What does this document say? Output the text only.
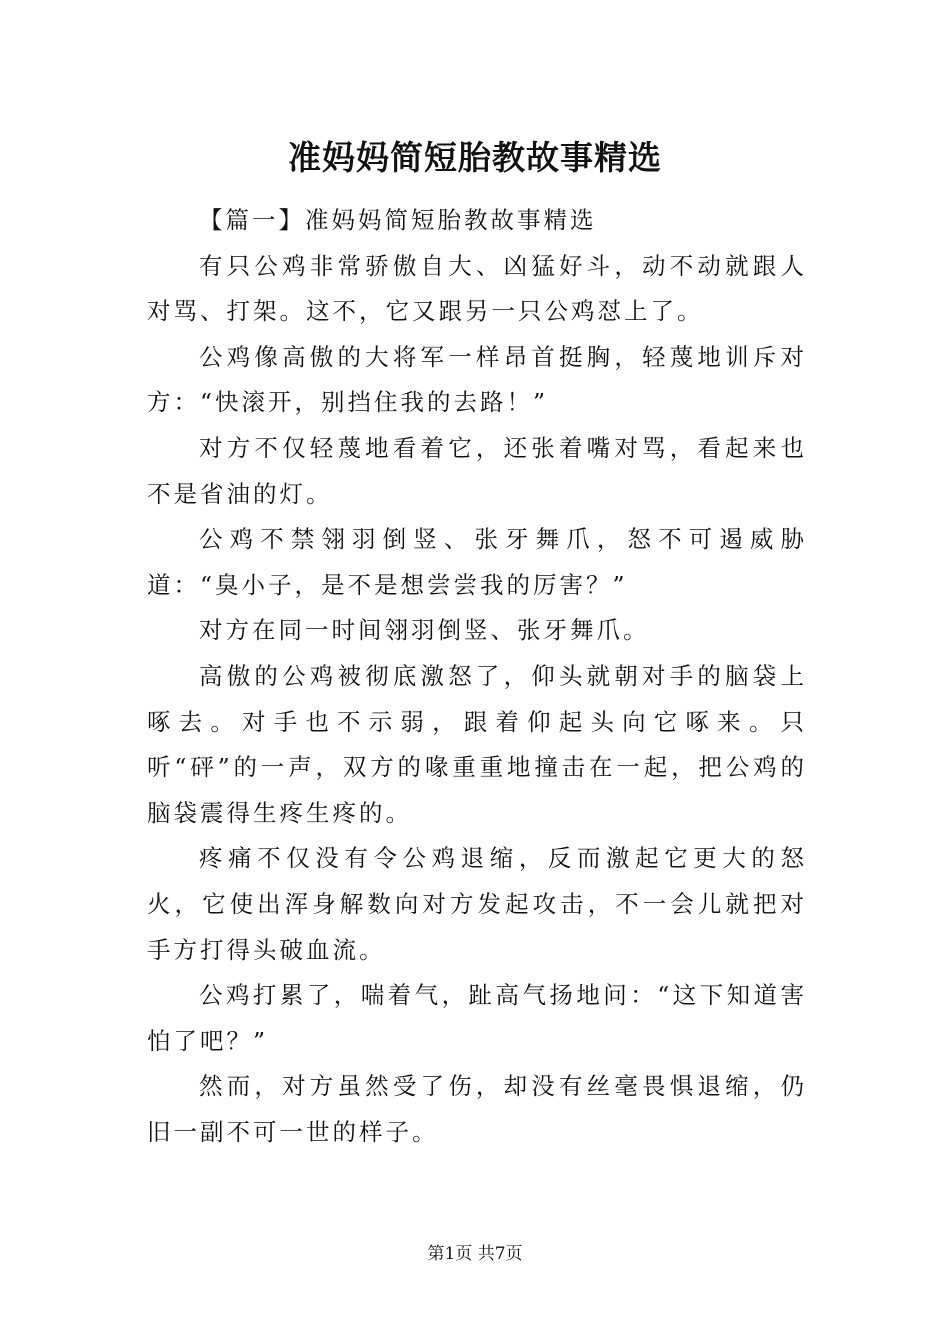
准妈妈简短胎教故事精选

【篇一】准妈妈简短胎教故事精选

有只公鸡非常骄傲自大、凶猛好斗，动不动就跟人对骂、打架。这不，它又跟另一只公鸡怼上了。

公鸡像高傲的大将军一样昂首挺胸，轻蔑地训斥对方：“快滚开，别挡住我的去路！”

对方不仅轻蔑地看着它，还张着嘴对骂，看起来也不是省油的灯。

公鸡不禁翎羽倒竖、张牙舞爪，怒不可遏威胁道：“臭小子，是不是想尝尝我的厉害？”

对方在同一时间翎羽倒竖、张牙舞爪。

高傲的公鸡被彻底激怒了，仰头就朝对手的脑袋上啄去。对手也不示弱，跟着仰起头向它啄来。只听“砰”的一声，双方的喙重重地撞击在一起，把公鸡的脑袋震得生疼生疼的。

疼痛不仅没有令公鸡退缩，反而激起它更大的怒火，它使出浑身解数向对方发起攻击，不一会儿就把对手方打得头破血流。

公鸡打累了，喘着气，趾高气扬地问：“这下知道害怕了吧？”

然而，对方虽然受了伤，却没有丝毫畏惧退缩，仍旧一副不可一世的样子。

第1页 共7页
